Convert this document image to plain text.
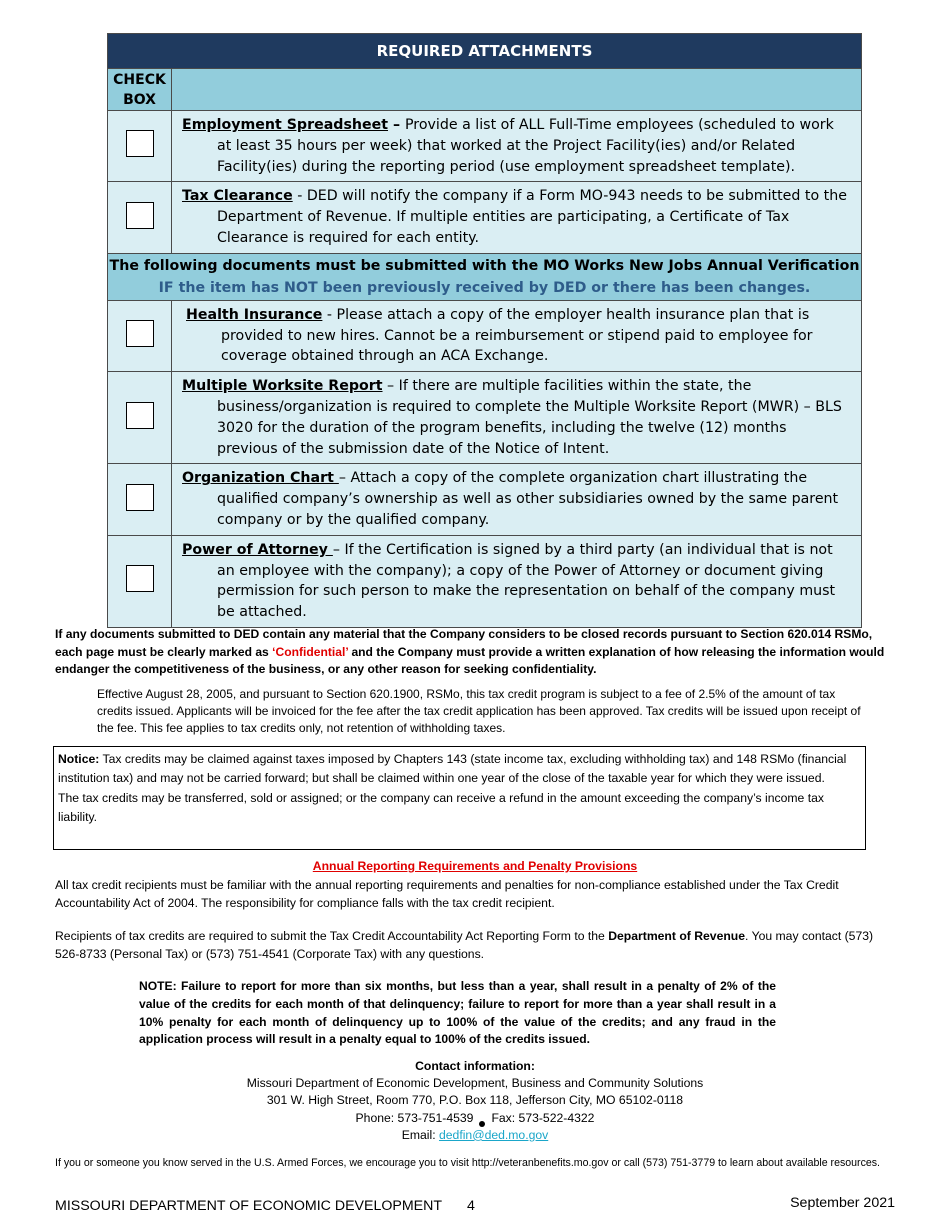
REQUIRED ATTACHMENTS	

CHECK
BOX	

	Employment Spreadsheet – Provide a list of ALL Full-Time employees (scheduled to work at least 35 hours per week) that worked at the Project Facility(ies) and/or Related Facility(ies) during the reporting period (use employment spreadsheet template).

	Tax Clearance - DED will notify the company if a Form MO-943 needs to be submitted to the Department of Revenue. If multiple entities are participating, a Certificate of Tax Clearance is required for each entity.

The following documents must be submitted with the MO Works New Jobs Annual Verification
IF the item has NOT been previously received by DED or there has been changes.	

	Health Insurance - Please attach a copy of the employer health insurance plan that is provided to new hires. Cannot be a reimbursement or stipend paid to employee for coverage obtained through an ACA Exchange.

	Multiple Worksite Report – If there are multiple facilities within the state, the business/organization is required to complete the Multiple Worksite Report (MWR) – BLS 3020 for the duration of the program benefits, including the twelve (12) months previous of the submission date of the Notice of Intent.

	Organization Chart – Attach a copy of the complete organization chart illustrating the qualified company’s ownership as well as other subsidiaries owned by the same parent company or by the qualified company.

	Power of Attorney – If the Certification is signed by a third party (an individual that is not an employee with the company); a copy of the Power of Attorney or document giving permission for such person to make the representation on behalf of the company must be attached.
If any documents submitted to DED contain any material that the Company considers to be closed records pursuant to Section 620.014 RSMo, each page must be clearly marked as ‘Confidential’ and the Company must provide a written explanation of how releasing the information would endanger the competitiveness of the business, or any other reason for seeking confidentiality.
Effective August 28, 2005, and pursuant to Section 620.1900, RSMo, this tax credit program is subject to a fee of 2.5% of the amount of tax credits issued. Applicants will be invoiced for the fee after the tax credit application has been approved. Tax credits will be issued upon receipt of the fee. This fee applies to tax credits only, not retention of withholding taxes.
Notice: Tax credits may be claimed against taxes imposed by Chapters 143 (state income tax, excluding withholding tax) and 148 RSMo (financial institution tax) and may not be carried forward; but shall be claimed within one year of the close of the taxable year for which they were issued.
The tax credits may be transferred, sold or assigned; or the company can receive a refund in the amount exceeding the company’s income tax liability.
Annual Reporting Requirements and Penalty Provisions
All tax credit recipients must be familiar with the annual reporting requirements and penalties for non-compliance established under the Tax Credit Accountability Act of 2004. The responsibility for compliance falls with the tax credit recipient.
Recipients of tax credits are required to submit the Tax Credit Accountability Act Reporting Form to the Department of Revenue. You may contact (573) 526-8733 (Personal Tax) or (573) 751-4541 (Corporate Tax) with any questions.
NOTE: Failure to report for more than six months, but less than a year, shall result in a penalty of 2% of the value of the credits for each month of that delinquency; failure to report for more than a year shall result in a 10% penalty for each month of delinquency up to 100% of the value of the credits; and any fraud in the application process will result in a penalty equal to 100% of the credits issued.
Contact information:
Missouri Department of Economic Development, Business and Community Solutions
301 W. High Street, Room 770, P.O. Box 118, Jefferson City, MO 65102-0118
Phone: 573-751-4539 Fax: 573-522-4322
Email: dedfin@ded.mo.gov
If you or someone you know served in the U.S. Armed Forces, we encourage you to visit http://veteranbenefits.mo.gov or call (573) 751-3779 to learn about available resources.
MISSOURI DEPARTMENT OF ECONOMIC DEVELOPMENT 4	September 2021
